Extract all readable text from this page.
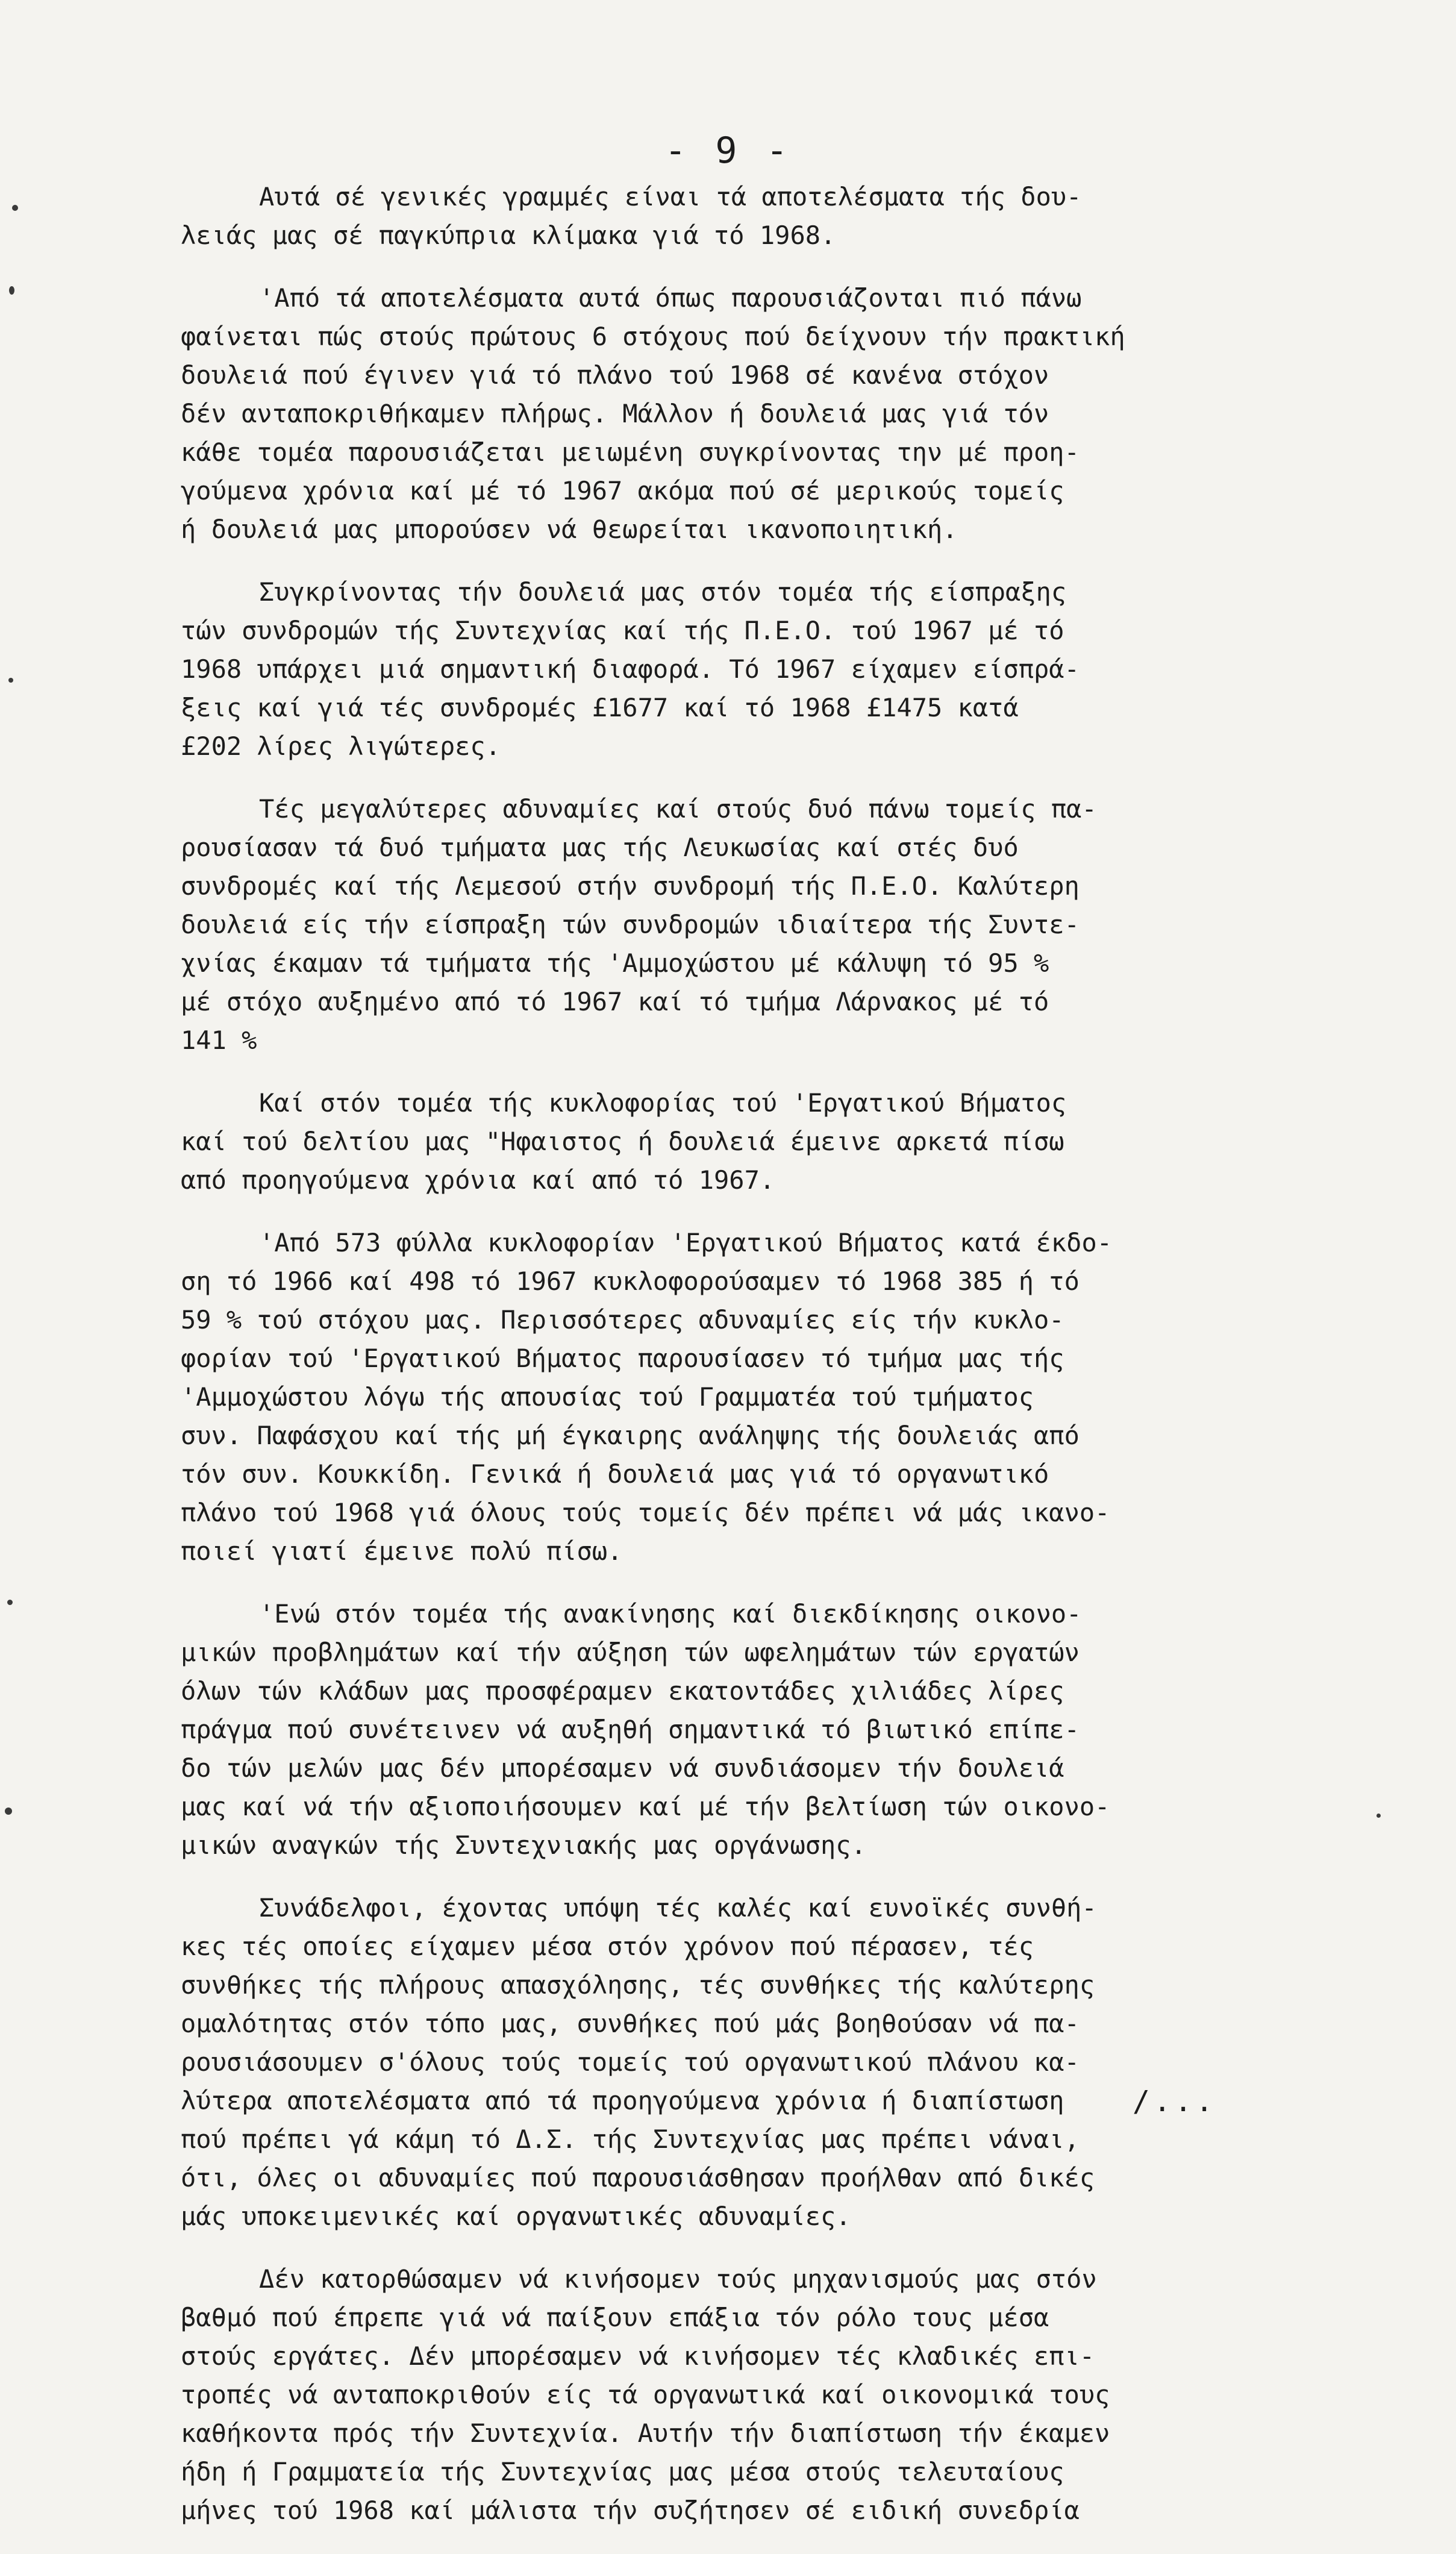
- 9 -
Αυτά σέ γενικές γραμμές είναι τά αποτελέσματα τής δου-
λειάς μας σέ παγκύπρια κλίμακα γιά τό 1968.
'Από τά αποτελέσματα αυτά όπως παρουσιάζονται πιό πάνω
φαίνεται πώς στούς πρώτους 6 στόχους πού δείχνουν τήν πρακτική
δουλειά πού έγινεν γιά τό πλάνο τού 1968 σέ κανένα στόχον
δέν ανταποκριθήκαμεν πλήρως. Μάλλον ή δουλειά μας γιά τόν
κάθε τομέα παρουσιάζεται μειωμένη συγκρίνοντας την μέ προη-
γούμενα χρόνια καί μέ τό 1967 ακόμα πού σέ μερικούς τομείς
ή δουλειά μας μπορούσεν νά θεωρείται ικανοποιητική.
Συγκρίνοντας τήν δουλειά μας στόν τομέα τής είσπραξης
τών συνδρομών τής Συντεχνίας καί τής Π.Ε.Ο. τού 1967 μέ τό
1968 υπάρχει μιά σημαντική διαφορά. Τό 1967 είχαμεν είσπρά-
ξεις καί γιά τές συνδρομές £1677 καί τό 1968 £1475 κατά
£202 λίρες λιγώτερες.
Τές μεγαλύτερες αδυναμίες καί στούς δυό πάνω τομείς πα-
ρουσίασαν τά δυό τμήματα μας τής Λευκωσίας καί στές δυό
συνδρομές καί τής Λεμεσού στήν συνδρομή τής Π.Ε.Ο. Καλύτερη
δουλειά είς τήν είσπραξη τών συνδρομών ιδιαίτερα τής Συντε-
χνίας έκαμαν τά τμήματα τής 'Αμμοχώστου μέ κάλυψη τό 95 %
μέ στόχο αυξημένο από τό 1967 καί τό τμήμα Λάρνακος μέ τό
141 %
Καί στόν τομέα τής κυκλοφορίας τού 'Εργατικού Βήματος
καί τού δελτίου μας "Ηφαιστος ή δουλειά έμεινε αρκετά πίσω
από προηγούμενα χρόνια καί από τό 1967.
'Από 573 φύλλα κυκλοφορίαν 'Εργατικού Βήματος κατά έκδο-
ση τό 1966 καί 498 τό 1967 κυκλοφορούσαμεν τό 1968 385 ή τό
59 % τού στόχου μας. Περισσότερες αδυναμίες είς τήν κυκλο-
φορίαν τού 'Εργατικού Βήματος παρουσίασεν τό τμήμα μας τής
'Αμμοχώστου λόγω τής απουσίας τού Γραμματέα τού τμήματος
συν. Παφάσχου καί τής μή έγκαιρης ανάληψης τής δουλειάς από
τόν συν. Κουκκίδη. Γενικά ή δουλειά μας γιά τό οργανωτικό
πλάνο τού 1968 γιά όλους τούς τομείς δέν πρέπει νά μάς ικανο-
ποιεί γιατί έμεινε πολύ πίσω.
'Ενώ στόν τομέα τής ανακίνησης καί διεκδίκησης οικονο-
μικών προβλημάτων καί τήν αύξηση τών ωφελημάτων τών εργατών
όλων τών κλάδων μας προσφέραμεν εκατοντάδες χιλιάδες λίρες
πράγμα πού συνέτεινεν νά αυξηθή σημαντικά τό βιωτικό επίπε-
δο τών μελών μας δέν μπορέσαμεν νά συνδιάσομεν τήν δουλειά
μας καί νά τήν αξιοποιήσουμεν καί μέ τήν βελτίωση τών οικονο-
μικών αναγκών τής Συντεχνιακής μας οργάνωσης.
Συνάδελφοι, έχοντας υπόψη τές καλές καί ευνοϊκές συνθή-
κες τές οποίες είχαμεν μέσα στόν χρόνον πού πέρασεν, τές
συνθήκες τής πλήρους απασχόλησης, τές συνθήκες τής καλύτερης
ομαλότητας στόν τόπο μας, συνθήκες πού μάς βοηθούσαν νά πα-
ρουσιάσουμεν σ'όλους τούς τομείς τού οργανωτικού πλάνου κα-
λύτερα αποτελέσματα από τά προηγούμενα χρόνια ή διαπίστωση
πού πρέπει γά κάμη τό Δ.Σ. τής Συντεχνίας μας πρέπει νάναι,
ότι, όλες οι αδυναμίες πού παρουσιάσθησαν προήλθαν από δικές
μάς υποκειμενικές καί οργανωτικές αδυναμίες.
Δέν κατορθώσαμεν νά κινήσομεν τούς μηχανισμούς μας στόν
βαθμό πού έπρεπε γιά νά παίξουν επάξια τόν ρόλο τους μέσα
στούς εργάτες. Δέν μπορέσαμεν νά κινήσομεν τές κλαδικές επι-
τροπές νά ανταποκριθούν είς τά οργανωτικά καί οικονομικά τους
καθήκοντα πρός τήν Συντεχνία. Αυτήν τήν διαπίστωση τήν έκαμεν
ήδη ή Γραμματεία τής Συντεχνίας μας μέσα στούς τελευταίους
μήνες τού 1968 καί μάλιστα τήν συζήτησεν σέ ειδική συνεδρία
/...
